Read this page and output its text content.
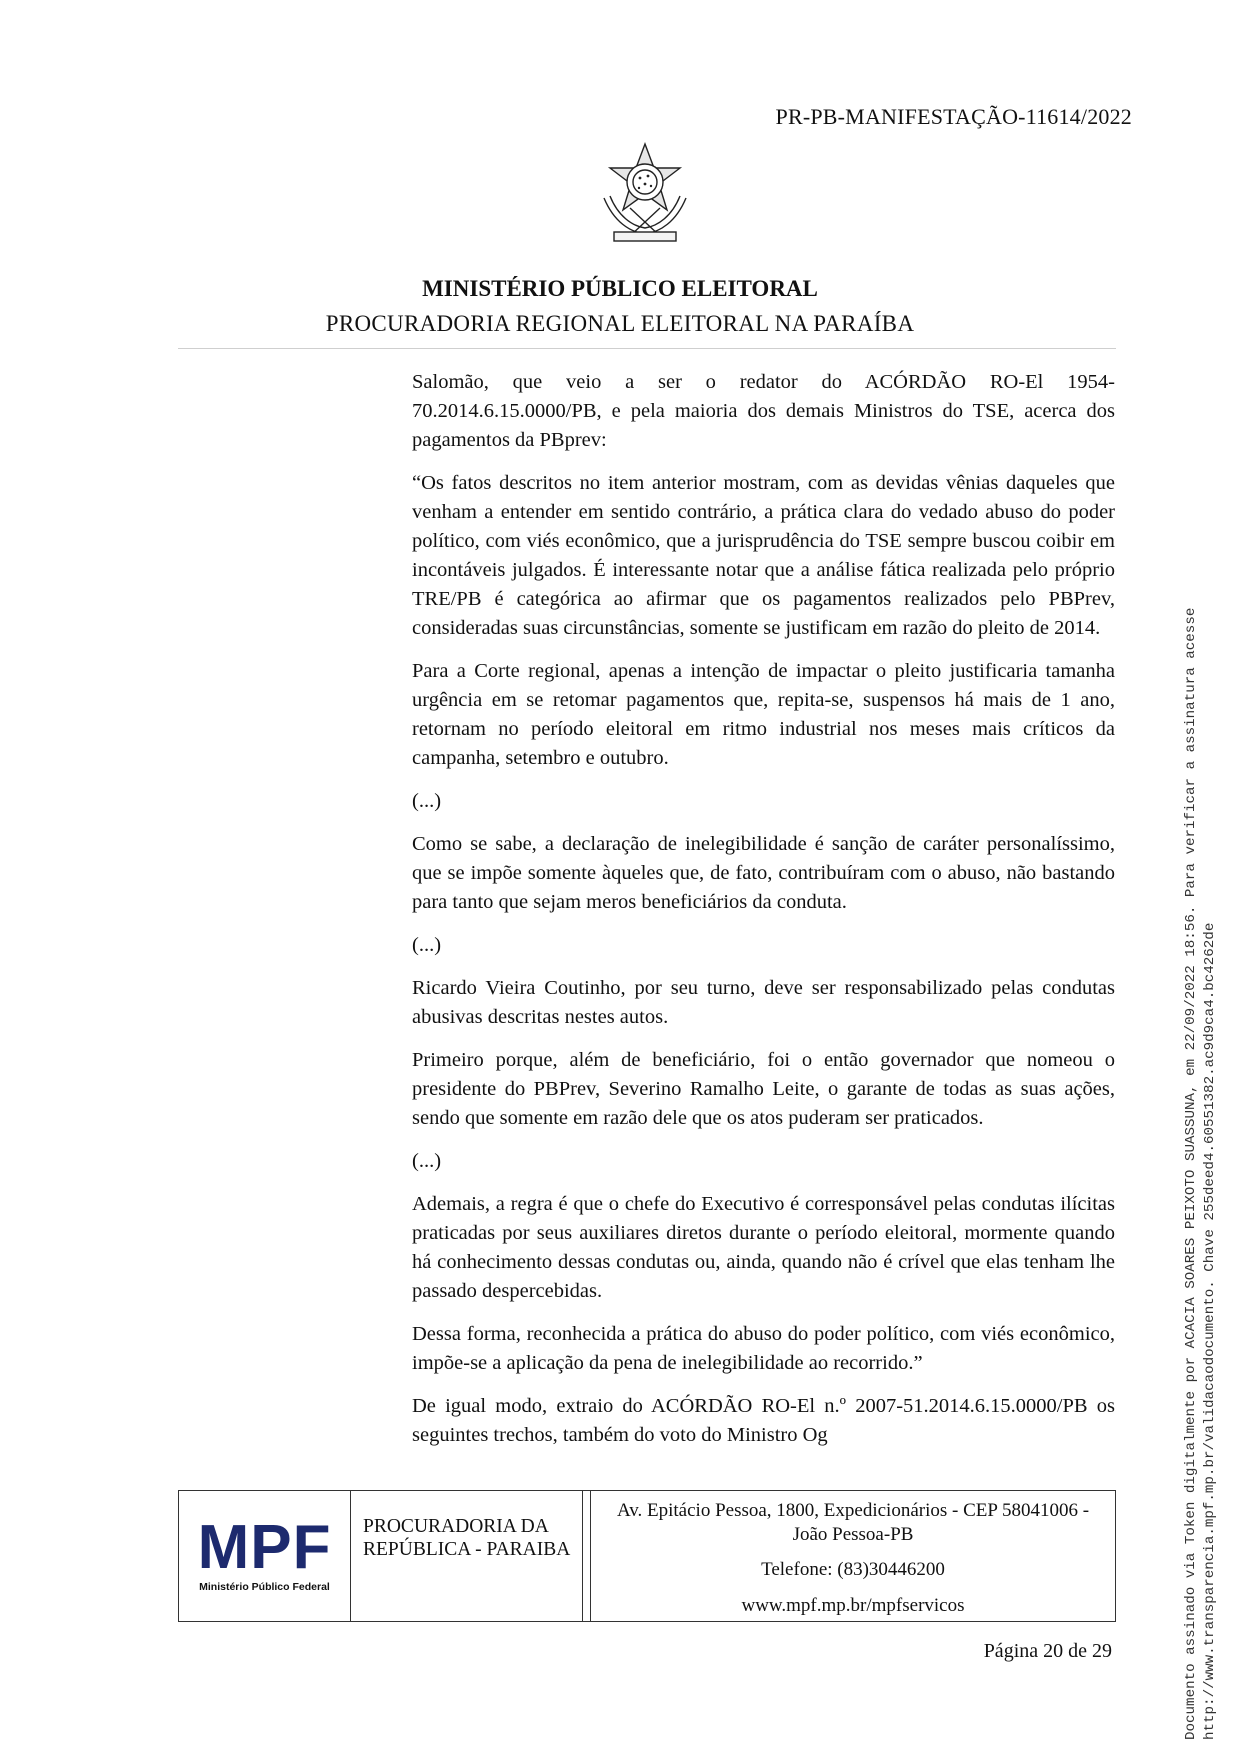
PR-PB-MANIFESTAÇÃO-11614/2022
MINISTÉRIO PÚBLICO ELEITORAL
PROCURADORIA REGIONAL ELEITORAL NA PARAÍBA

Salomão, que veio a ser o redator do ACÓRDÃO RO-El 1954-70.2014.6.15.0000/PB, e pela maioria dos demais Ministros do TSE, acerca dos pagamentos da PBprev:

“Os fatos descritos no item anterior mostram, com as devidas vênias daqueles que venham a entender em sentido contrário, a prática clara do vedado abuso do poder político, com viés econômico, que a jurisprudência do TSE sempre buscou coibir em incontáveis julgados. É interessante notar que a análise fática realizada pelo próprio TRE/PB é categórica ao afirmar que os pagamentos realizados pelo PBPrev, consideradas suas circunstâncias, somente se justificam em razão do pleito de 2014.

Para a Corte regional, apenas a intenção de impactar o pleito justificaria tamanha urgência em se retomar pagamentos que, repita-se, suspensos há mais de 1 ano, retornam no período eleitoral em ritmo industrial nos meses mais críticos da campanha, setembro e outubro.

(...)

Como se sabe, a declaração de inelegibilidade é sanção de caráter personalíssimo, que se impõe somente àqueles que, de fato, contribuíram com o abuso, não bastando para tanto que sejam meros beneficiários da conduta.

(...)

Ricardo Vieira Coutinho, por seu turno, deve ser responsabilizado pelas condutas abusivas descritas nestes autos.

Primeiro porque, além de beneficiário, foi o então governador que nomeou o presidente do PBPrev, Severino Ramalho Leite, o garante de todas as suas ações, sendo que somente em razão dele que os atos puderam ser praticados.

(...)

Ademais, a regra é que o chefe do Executivo é corresponsável pelas condutas ilícitas praticadas por seus auxiliares diretos durante o período eleitoral, mormente quando há conhecimento dessas condutas ou, ainda, quando não é crível que elas tenham lhe passado despercebidas.

Dessa forma, reconhecida a prática do abuso do poder político, com viés econômico, impõe-se a aplicação da pena de inelegibilidade ao recorrido.”

De igual modo, extraio do ACÓRDÃO RO-El n.º 2007-51.2014.6.15.0000/PB os seguintes trechos, também do voto do Ministro Og

MPF
Ministério Público Federal
PROCURADORIA DA REPÚBLICA - PARAIBA
Av. Epitácio Pessoa, 1800, Expedicionários - CEP 58041006 - João Pessoa-PB
Telefone: (83)30446200
www.mpf.mp.br/mpfservicos
Página 20 de 29	Documento assinado via Token digitalmente por ACACIA SOARES PEIXOTO SUASSUNA, em 22/09/2022 18:56. Para verificar a assinatura acesse http://www.transparencia.mpf.mp.br/validacaodocumento. Chave 255deed4.60551382.ac9d9ca4.bc4262de
